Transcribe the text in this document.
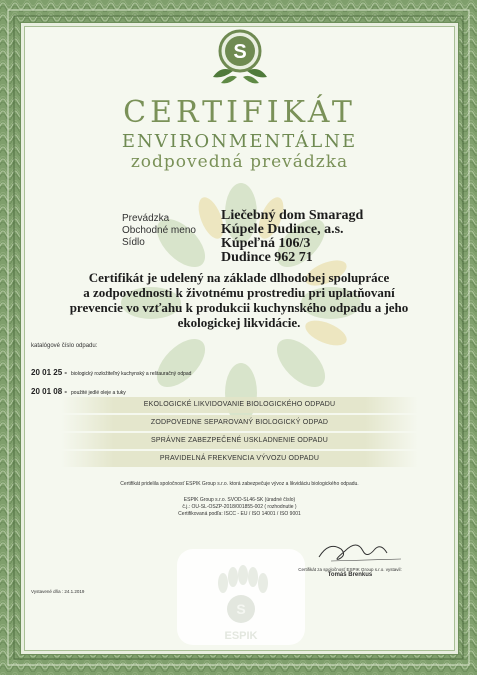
S
CERTIFIKÁT
ENVIRONMENTÁLNE
zodpovedná prevádzka
Prevádzka
Obchodné meno
Sídlo
Liečebný dom Smaragd
Kúpele Dudince, a.s.
Kúpeľná 106/3
Dudince 962 71
Certifikát je udelený na základe dlhodobej spolupráce
a zodpovednosti k životnému prostrediu pri uplatňovaní
prevencie vo vzťahu k produkcii kuchynského odpadu a jeho
ekologickej likvidácie.
katalógové číslo odpadu:
20 01 25 - biologický rozložiteľný kuchynský a reštauračný odpad
20 01 08 - použité jedlé oleje a tuky
EKOLOGICKÉ LIKVIDOVANIE BIOLOGICKÉHO ODPADU
ZODPOVEDNE SEPAROVANÝ BIOLOGICKÝ ODPAD
SPRÁVNE ZABEZPEČENÉ USKLADNENIE ODPADU
PRAVIDELNÁ FREKVENCIA VÝVOZU ODPADU
Certifikát pridelila spoločnosť ESPIK Group s.r.o. ktorá zabezpečuje vývoz a likvidáciu biologického odpadu.
ESPIK Group s.r.o. SVOD-SL46-SK (úradné číslo)
č.j.: OU-SL-OSZP-2018/001855-002 ( rozhodnutie )
Certifikovaná podľa: ISCC - EU / ISO 14001 / ISO 9001
S
ESPIK
Vystavené dňa : 24.1.2019
Certifikát za spoločnosť ESPIK Group s.r.o. vystavil:
Tomáš Brenkus
